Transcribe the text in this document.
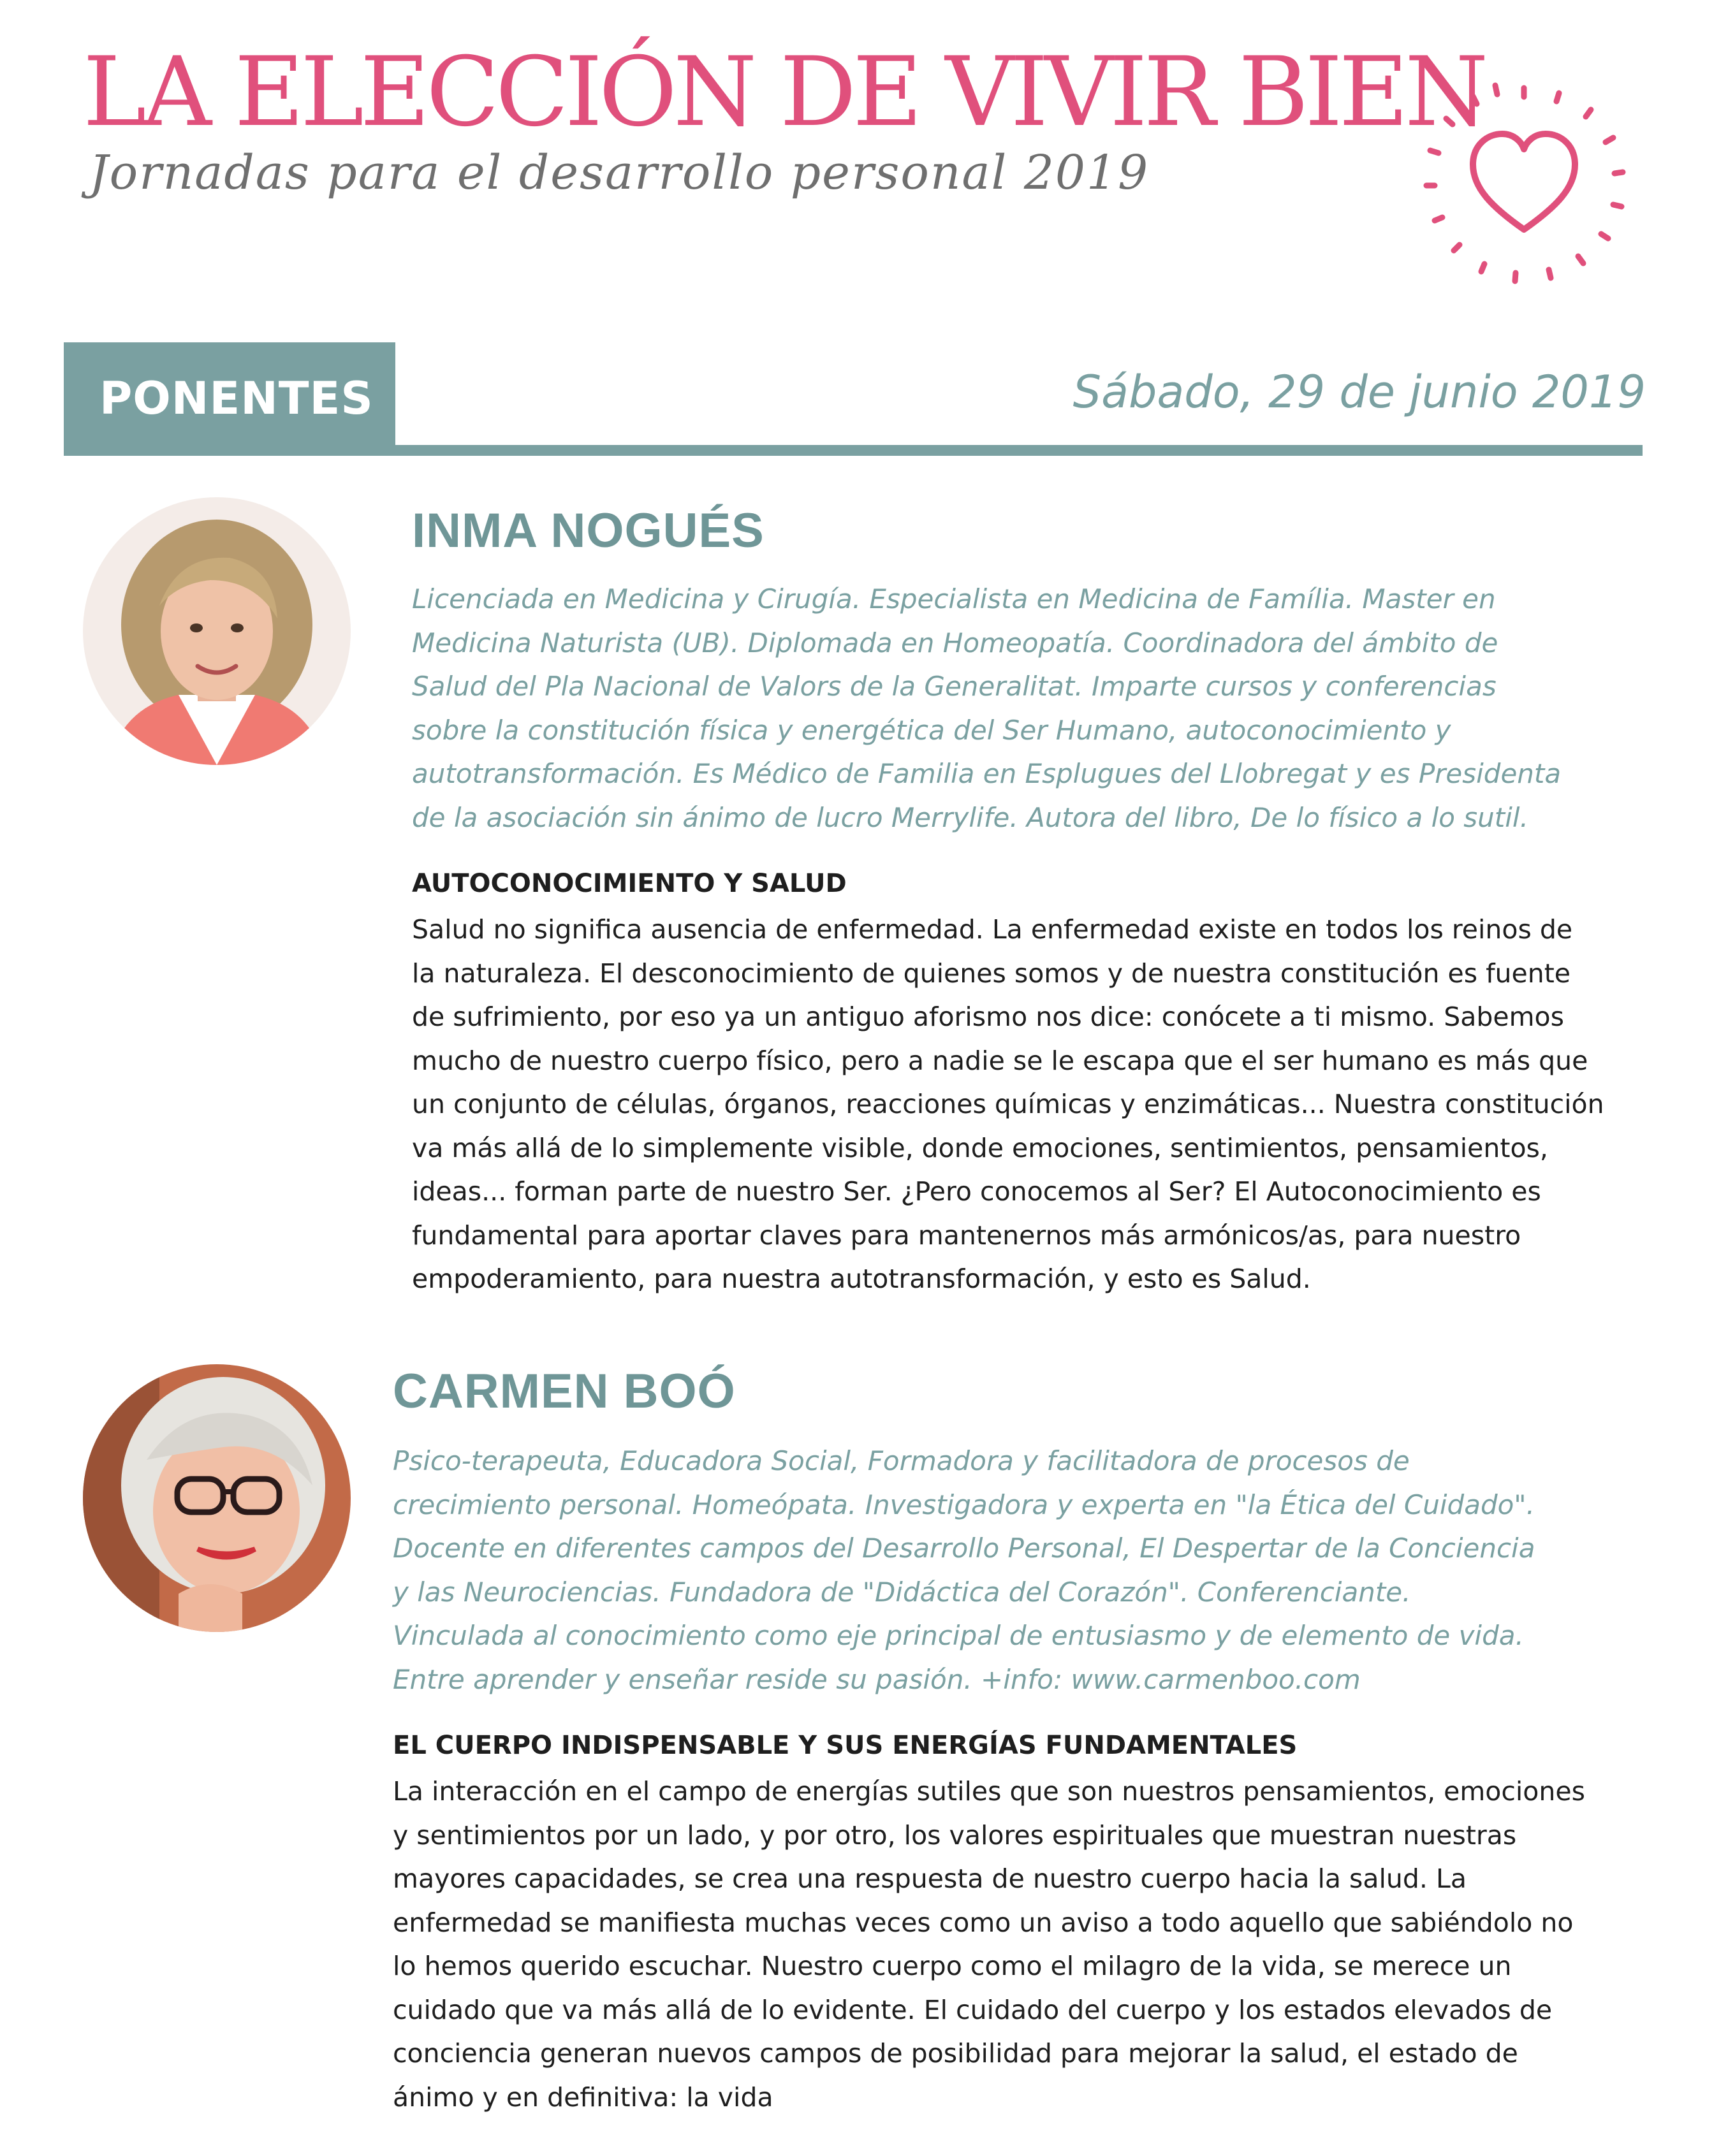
LA ELECCIÓN DE VIVIR BIEN

Jornadas para el desarrollo personal 2019

PONENTES	Sábado, 29 de junio 2019
INMA NOGUÉS

Licenciada en Medicina y Cirugía. Especialista en Medicina de Família. Master en
Medicina Naturista (UB). Diplomada en Homeopatía. Coordinadora del ámbito de
Salud del Pla Nacional de Valors de la Generalitat. Imparte cursos y conferencias
sobre la constitución física y energética del Ser Humano, autoconocimiento y
autotransformación. Es Médico de Familia en Esplugues del Llobregat y es Presidenta
de la asociación sin ánimo de lucro Merrylife. Autora del libro, De lo físico a lo sutil.

AUTOCONOCIMIENTO Y SALUD

Salud no significa ausencia de enfermedad. La enfermedad existe en todos los reinos de
la naturaleza. El desconocimiento de quienes somos y de nuestra constitución es fuente
de sufrimiento, por eso ya un antiguo aforismo nos dice: conócete a ti mismo. Sabemos
mucho de nuestro cuerpo físico, pero a nadie se le escapa que el ser humano es más que
un conjunto de células, órganos, reacciones químicas y enzimáticas... Nuestra constitución
va más allá de lo simplemente visible, donde emociones, sentimientos, pensamientos,
ideas... forman parte de nuestro Ser. ¿Pero conocemos al Ser? El Autoconocimiento es
fundamental para aportar claves para mantenernos más armónicos/as, para nuestro
empoderamiento, para nuestra autotransformación, y esto es Salud.

CARMEN BOÓ

Psico-terapeuta, Educadora Social, Formadora y facilitadora de procesos de
crecimiento personal. Homeópata. Investigadora y experta en "la Ética del Cuidado".
Docente en diferentes campos del Desarrollo Personal, El Despertar de la Conciencia
y las Neurociencias. Fundadora de "Didáctica del Corazón". Conferenciante.
Vinculada al conocimiento como eje principal de entusiasmo y de elemento de vida.
Entre aprender y enseñar reside su pasión. +info: www.carmenboo.com

EL CUERPO INDISPENSABLE Y SUS ENERGÍAS FUNDAMENTALES

La interacción en el campo de energías sutiles que son nuestros pensamientos, emociones
y sentimientos por un lado, y por otro, los valores espirituales que muestran nuestras
mayores capacidades, se crea una respuesta de nuestro cuerpo hacia la salud. La
enfermedad se manifiesta muchas veces como un aviso a todo aquello que sabiéndolo no
lo hemos querido escuchar. Nuestro cuerpo como el milagro de la vida, se merece un
cuidado que va más allá de lo evidente. El cuidado del cuerpo y los estados elevados de
conciencia generan nuevos campos de posibilidad para mejorar la salud, el estado de
ánimo y en definitiva: la vida
